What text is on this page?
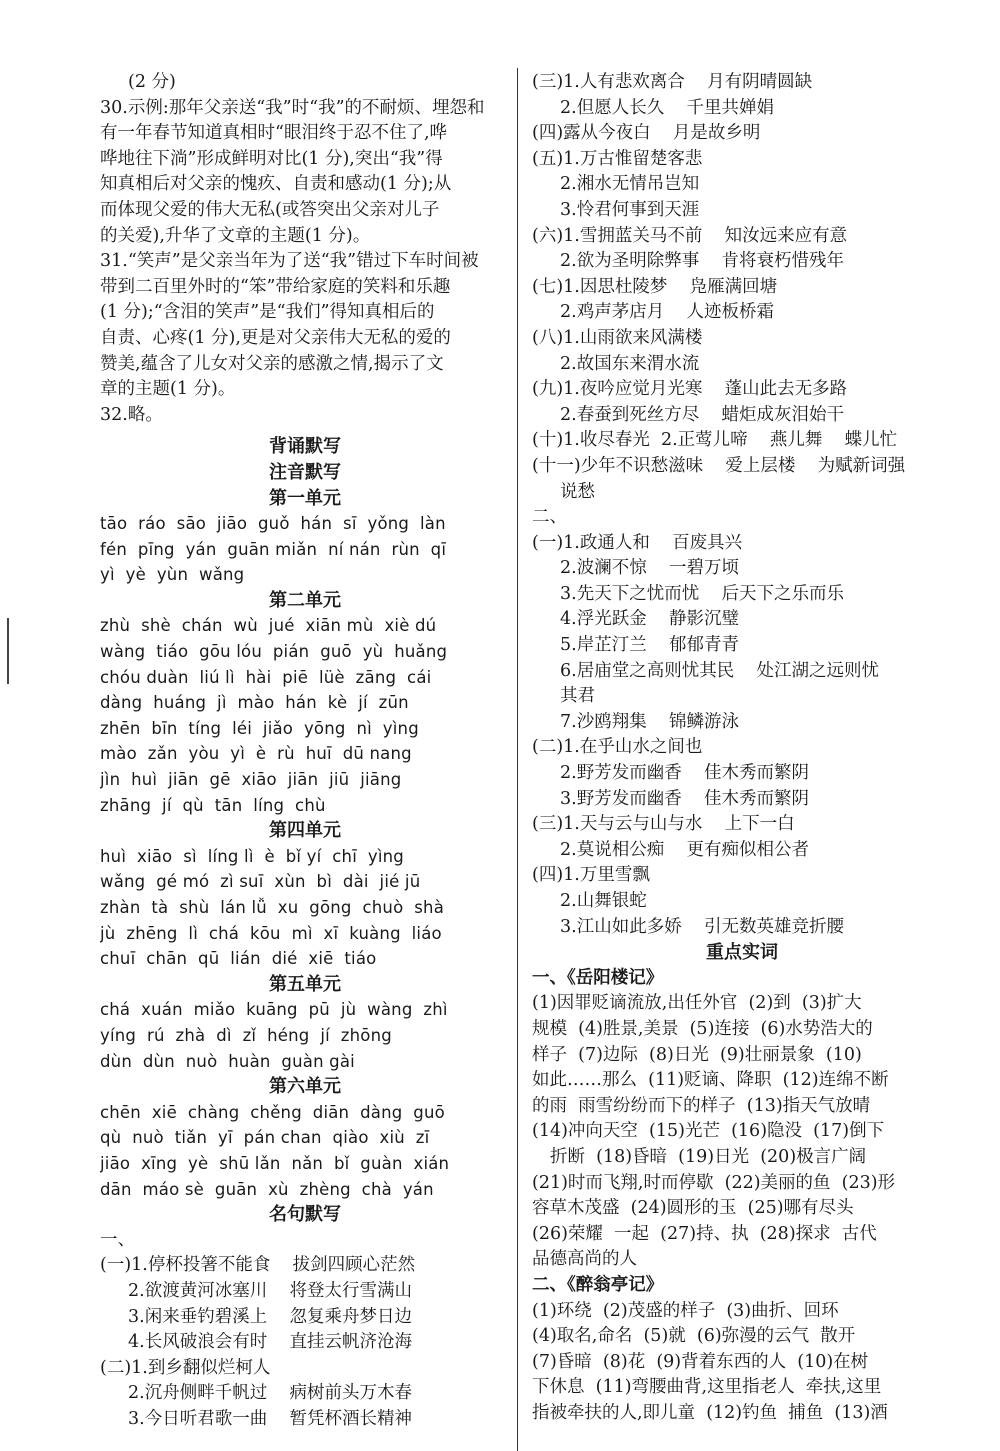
(2 分)
30.示例:那年父亲送“我”时“我”的不耐烦、埋怨和
有一年春节知道真相时“眼泪终于忍不住了,哗
哗地往下淌”形成鲜明对比(1 分),突出“我”得
知真相后对父亲的愧疚、自责和感动(1 分);从
而体现父爱的伟大无私(或答突出父亲对儿子
的关爱),升华了文章的主题(1 分)。
31.“笑声”是父亲当年为了送“我”错过下车时间被
带到二百里外时的“笨”带给家庭的笑料和乐趣
(1 分);“含泪的笑声”是“我们”得知真相后的
自责、心疼(1 分),更是对父亲伟大无私的爱的
赞美,蕴含了儿女对父亲的感激之情,揭示了文
章的主题(1 分)。
32.略。
背诵默写
注音默写
第一单元
tāo  ráo  sāo  jiāo  guǒ  hán  sī  yǒng  làn
fén  pīng  yán  guān miǎn  ní nán  rùn  qī
yì  yè  yùn  wǎng
第二单元
zhù  shè  chán  wù  jué  xiān mù  xiè dú
wàng  tiáo  gōu lóu  pián  guō  yù  huǎng
chóu duàn  liú lì  hài  piē  lüè  zāng  cái
dàng  huáng  jì  mào  hán  kè  jí  zūn
zhēn  bīn  tíng  léi  jiǎo  yōng  nì  yìng
mào  zǎn  yòu  yì  è  rù  huī  dū nang
jìn  huì  jiān  gē  xiāo  jiān  jiū  jiāng
zhāng  jí  qù  tān  líng  chù
第四单元
huì  xiāo  sì  líng lì  è  bǐ yí  chī  yìng
wǎng  gé mó  zì suī  xùn  bì  dài  jié jū
zhàn  tà  shù  lán lǚ  xu  gōng  chuò  shà
jù  zhēng  lì  chá  kōu  mì  xī  kuàng  liáo
chuī  chān  qū  lián  dié  xiē  tiáo
第五单元
chá  xuán  miǎo  kuāng  pū  jù  wàng  zhì
yíng  rú  zhà  dì  zǐ  héng  jí  zhōng
dùn  dùn  nuò  huàn  guàn gài
第六单元
chēn  xiē  chàng  chěng  diān  dàng  guō
qù  nuò  tiǎn  yī  pán chan  qiào  xiù  zī
jiāo  xīng  yè  shū lǎn  nǎn  bǐ  guàn  xián
dān  máo sè  guān  xù  zhèng  chà  yán
名句默写
一、
(一)1.停杯投箸不能食    拔剑四顾心茫然
2.欲渡黄河冰塞川    将登太行雪满山
3.闲来垂钓碧溪上    忽复乘舟梦日边
4.长风破浪会有时    直挂云帆济沧海
(二)1.到乡翻似烂柯人
2.沉舟侧畔千帆过    病树前头万木春
3.今日听君歌一曲    暂凭杯酒长精神
(三)1.人有悲欢离合    月有阴晴圆缺
2.但愿人长久    千里共婵娟
(四)露从今夜白    月是故乡明
(五)1.万古惟留楚客悲
2.湘水无情吊岂知
3.怜君何事到天涯
(六)1.雪拥蓝关马不前    知汝远来应有意
2.欲为圣明除弊事    肯将衰朽惜残年
(七)1.因思杜陵梦    凫雁满回塘
2.鸡声茅店月    人迹板桥霜
(八)1.山雨欲来风满楼
2.故国东来渭水流
(九)1.夜吟应觉月光寒    蓬山此去无多路
2.春蚕到死丝方尽    蜡炬成灰泪始干
(十)1.收尽春光  2.正莺儿啼    燕儿舞    蝶儿忙
(十一)少年不识愁滋味    爱上层楼    为赋新词强
说愁
二、
(一)1.政通人和    百废具兴
2.波澜不惊    一碧万顷
3.先天下之忧而忧    后天下之乐而乐
4.浮光跃金    静影沉璧
5.岸芷汀兰    郁郁青青
6.居庙堂之高则忧其民    处江湖之远则忧
其君
7.沙鸥翔集    锦鳞游泳
(二)1.在乎山水之间也
2.野芳发而幽香    佳木秀而繁阴
3.野芳发而幽香    佳木秀而繁阴
(三)1.天与云与山与水    上下一白
2.莫说相公痴    更有痴似相公者
(四)1.万里雪飘
2.山舞银蛇
3.江山如此多娇    引无数英雄竞折腰
重点实词
一、《岳阳楼记》
(1)因罪贬谪流放,出任外官  (2)到  (3)扩大
规模  (4)胜景,美景  (5)连接  (6)水势浩大的
样子  (7)边际  (8)日光  (9)壮丽景象  (10)
如此……那么  (11)贬谪、降职  (12)连绵不断
的雨  雨雪纷纷而下的样子  (13)指天气放晴
(14)冲向天空  (15)光芒  (16)隐没  (17)倒下
折断  (18)昏暗  (19)日光  (20)极言广阔
(21)时而飞翔,时而停歇  (22)美丽的鱼  (23)形
容草木茂盛  (24)圆形的玉  (25)哪有尽头
(26)荣耀  一起  (27)持、执  (28)探求  古代
品德高尚的人
二、《醉翁亭记》
(1)环绕  (2)茂盛的样子  (3)曲折、回环
(4)取名,命名  (5)就  (6)弥漫的云气  散开
(7)昏暗  (8)花  (9)背着东西的人  (10)在树
下休息  (11)弯腰曲背,这里指老人  牵扶,这里
指被牵扶的人,即儿童  (12)钓鱼  捕鱼  (13)酒
